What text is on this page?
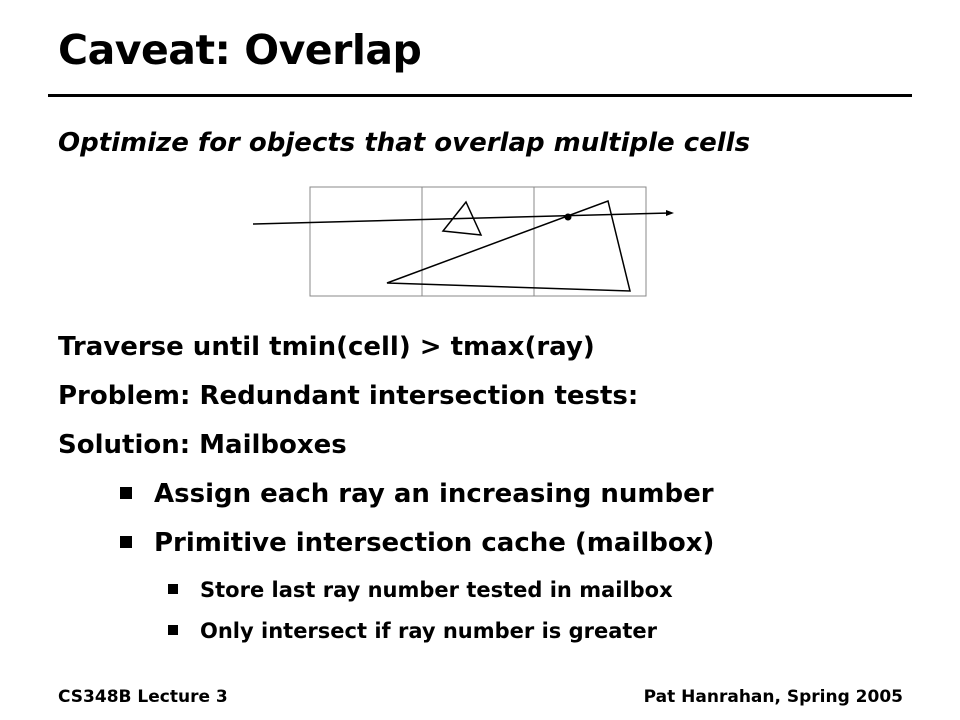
Caveat: Overlap
Optimize for objects that overlap multiple cells
Traverse until tmin(cell) > tmax(ray)
Problem: Redundant intersection tests:
Solution: Mailboxes
Assign each ray an increasing number
Primitive intersection cache (mailbox)
Store last ray number tested in mailbox
Only intersect if ray number is greater
CS348B Lecture 3	Pat Hanrahan, Spring 2005
